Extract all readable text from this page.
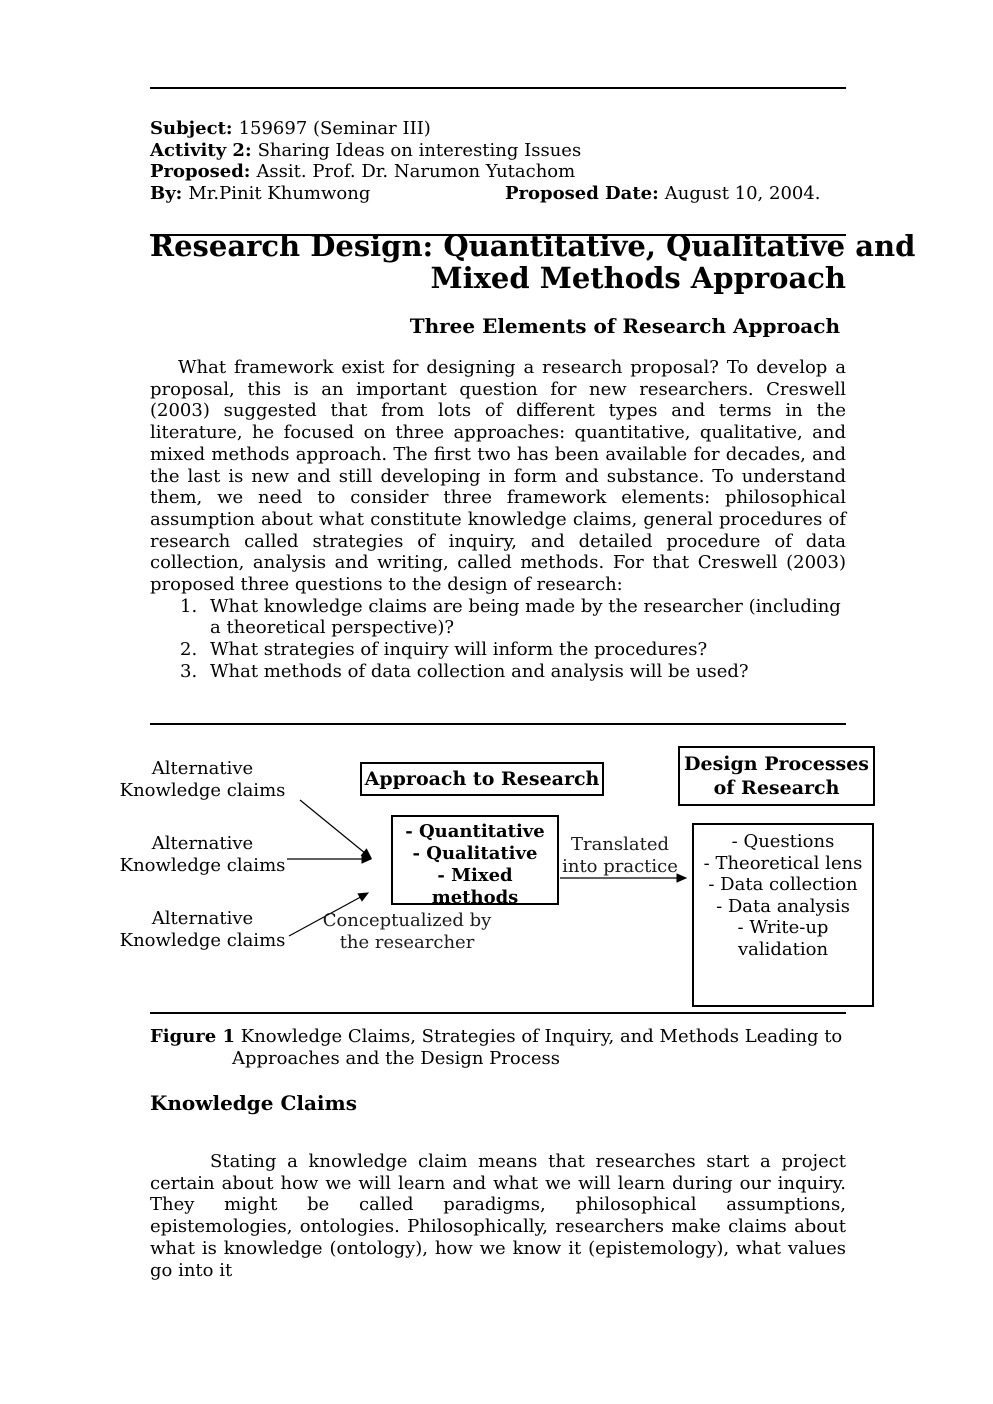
Subject: 159697 (Seminar III)
Activity 2: Sharing Ideas on interesting Issues
Proposed: Assit. Prof. Dr. Narumon Yutachom
By: Mr.Pinit Khumwong	Proposed Date: August 10, 2004.
Research Design: Quantitative, Qualitative and
Mixed Methods Approach
Three Elements of Research Approach

What framework exist for designing a research proposal? To develop a proposal, this is an important question for new researchers. Creswell (2003) suggested that from lots of different types and terms in the literature, he focused on three approaches: quantitative, qualitative, and mixed methods approach. The first two has been available for decades, and the last is new and still developing in form and substance. To understand them, we need to consider three framework elements: philosophical assumption about what constitute knowledge claims, general procedures of research called strategies of inquiry, and detailed procedure of data collection, analysis and writing, called methods. For that Creswell (2003) proposed three questions to the design of research:

1. What knowledge claims are being made by the researcher (including a theoretical perspective)?
2. What strategies of inquiry will inform the procedures?
3. What methods of data collection and analysis will be used?
Alternative
Knowledge claims
Alternative
Knowledge claims
Alternative
Knowledge claims
Approach to Research
- Quantitative
- Qualitative
- Mixed
methods
Conceptualized by
the researcher
Translated
into practice
Design Processes
of Research
- Questions
- Theoretical lens
- Data collection
- Data analysis
- Write-up
validation
Figure 1 Knowledge Claims, Strategies of Inquiry, and Methods Leading to
Approaches and the Design Process
Knowledge Claims

Stating a knowledge claim means that researches start a project certain about how we will learn and what we will learn during our inquiry. They might be called paradigms, philosophical assumptions, epistemologies, ontologies. Philosophically, researchers make claims about what is knowledge (ontology), how we know it (epistemology), what values go into it
